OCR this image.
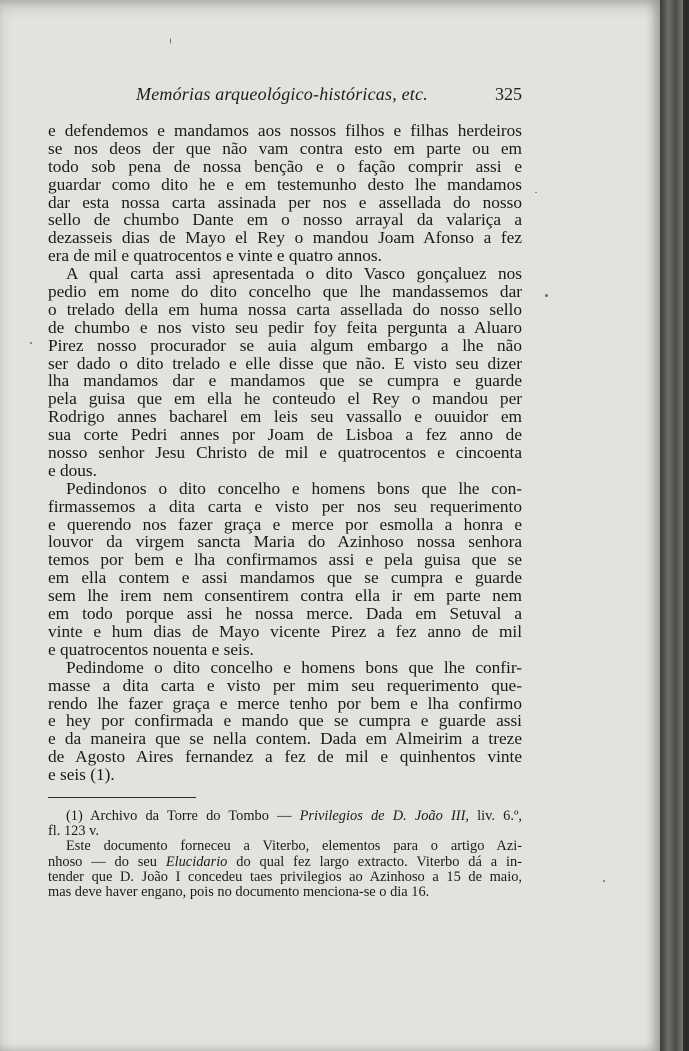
Memórias arqueológico-históricas, etc.	325
e defendemos e mandamos aos nossos filhos e filhas herdeiros
se nos deos der que não vam contra esto em parte ou em
todo sob pena de nossa benção e o fação comprir assi e
guardar como dito he e em testemunho desto lhe mandamos
dar esta nossa carta assinada per nos e assellada do nosso
sello de chumbo Dante em o nosso arrayal da valariça a
dezasseis dias de Mayo el Rey o mandou Joam Afonso a fez
era de mil e quatrocentos e vinte e quatro annos.
A qual carta assi apresentada o dito Vasco gonçaluez nos
pedio em nome do dito concelho que lhe mandassemos dar
o trelado della em huma nossa carta assellada do nosso sello
de chumbo e nos visto seu pedir foy feita pergunta a Aluaro
Pirez nosso procurador se auia algum embargo a lhe não
ser dado o dito trelado e elle disse que não. E visto seu dizer
lha mandamos dar e mandamos que se cumpra e guarde
pela guisa que em ella he conteudo el Rey o mandou per
Rodrigo annes bacharel em leis seu vassallo e ouuidor em
sua corte Pedri annes por Joam de Lisboa a fez anno de
nosso senhor Jesu Christo de mil e quatrocentos e cincoenta
e dous.
Pedindonos o dito concelho e homens bons que lhe con-
firmassemos a dita carta e visto per nos seu requerimento
e querendo nos fazer graça e merce por esmolla a honra e
louvor da virgem sancta Maria do Azinhoso nossa senhora
temos por bem e lha confirmamos assi e pela guisa que se
em ella contem e assi mandamos que se cumpra e guarde
sem lhe irem nem consentirem contra ella ir em parte nem
em todo porque assi he nossa merce. Dada em Setuval a
vinte e hum dias de Mayo vicente Pirez a fez anno de mil
e quatrocentos nouenta e seis.
Pedindome o dito concelho e homens bons que lhe confir-
masse a dita carta e visto per mim seu requerimento que-
rendo lhe fazer graça e merce tenho por bem e lha confirmo
e hey por confirmada e mando que se cumpra e guarde assi
e da maneira que se nella contem. Dada em Almeirim a treze
de Agosto Aires fernandez a fez de mil e quinhentos vinte
e seis (1).
(1) Archivo da Torre do Tombo — Privilegios de D. João III, liv. 6.º,
fl. 123 v.
Este documento forneceu a Viterbo, elementos para o artigo Azi-
nhoso — do seu Elucidario do qual fez largo extracto. Viterbo dá a in-
tender que D. João I concedeu taes privilegios ao Azinhoso a 15 de maio,
mas deve haver engano, pois no documento menciona-se o dia 16.
